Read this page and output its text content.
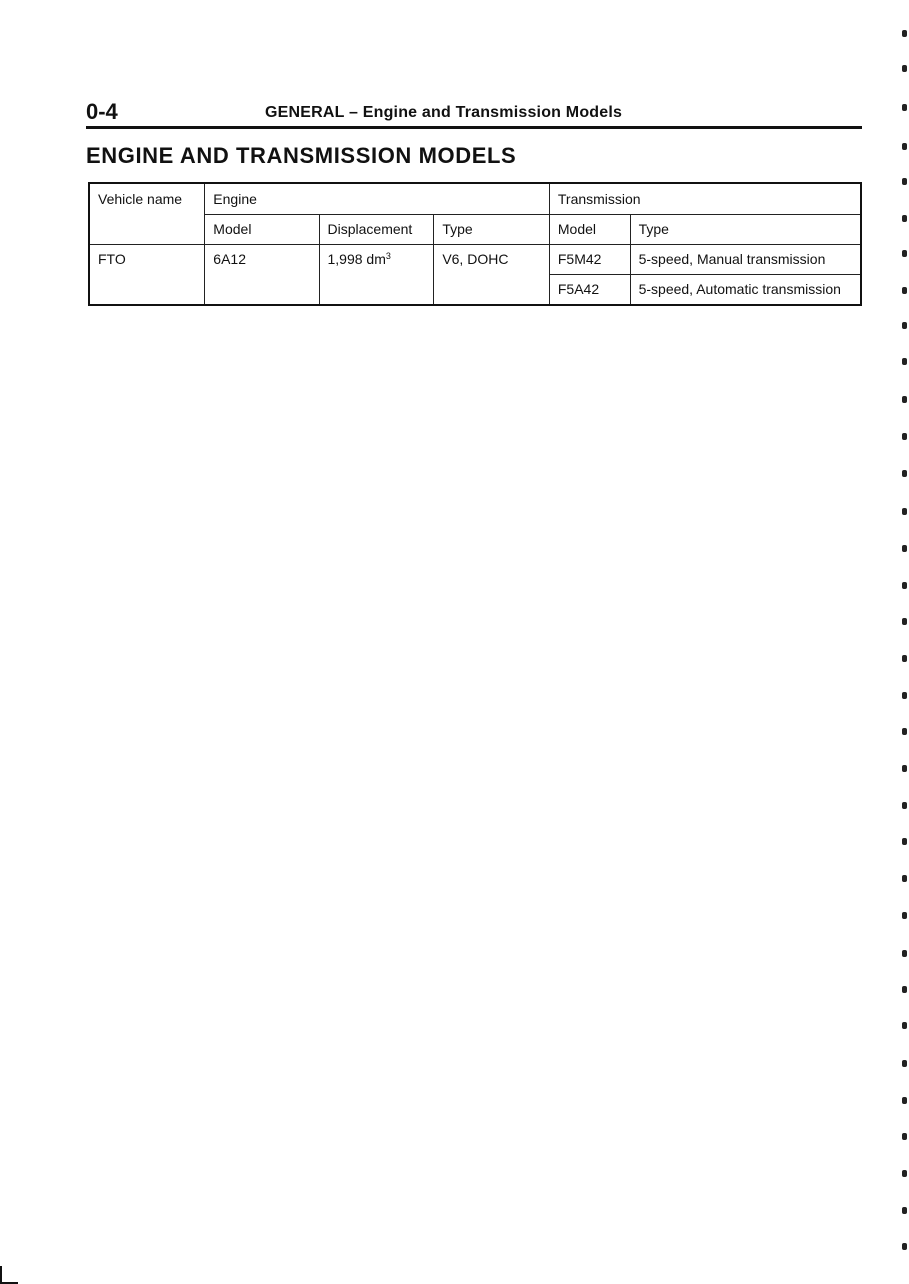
0-4	GENERAL – Engine and Transmission Models
ENGINE AND TRANSMISSION MODELS
Vehicle name	Engine			Transmission	
	Model	Displacement	Type	Model	Type
FTO	6A12	1,998 $dm^3$	V6, DOHC	F5M42	5-speed, Manual transmission
				F5A42	5-speed, Automatic transmission
